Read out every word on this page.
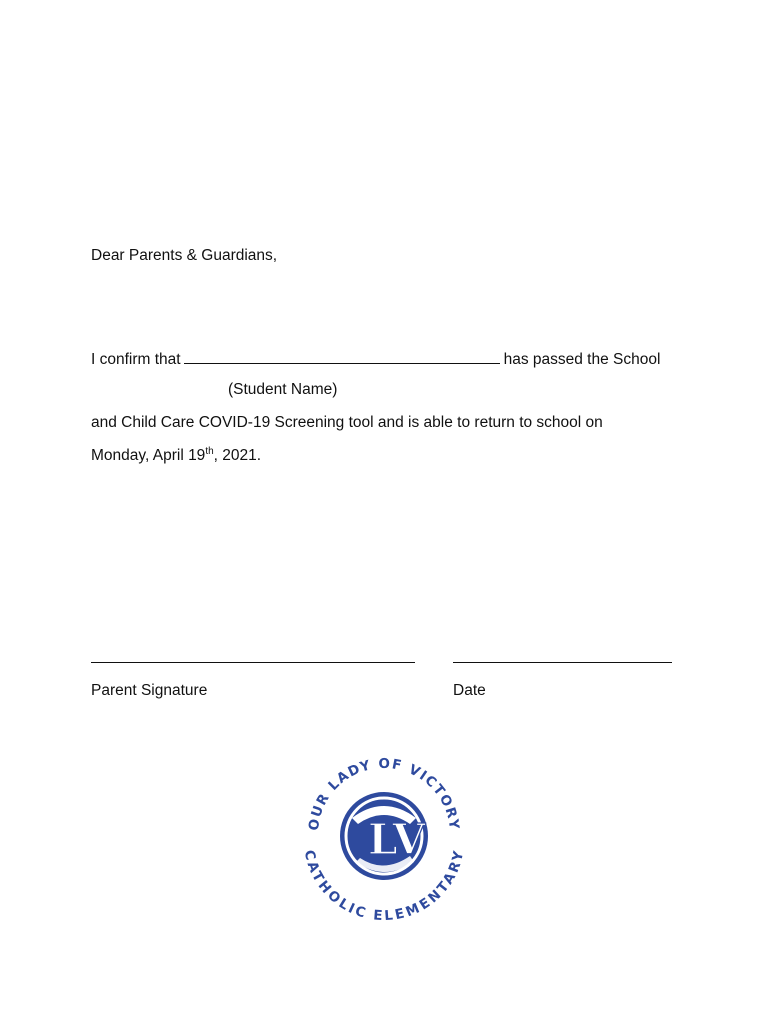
Dear Parents & Guardians,
I confirm that	has passed the School
(Student Name)
and Child Care COVID-19 Screening tool and is able to return to school on
Monday, April 19th, 2021.
Parent Signature	Date
OUR LADY OF VICTORY
CATHOLIC ELEMENTARY
LV
